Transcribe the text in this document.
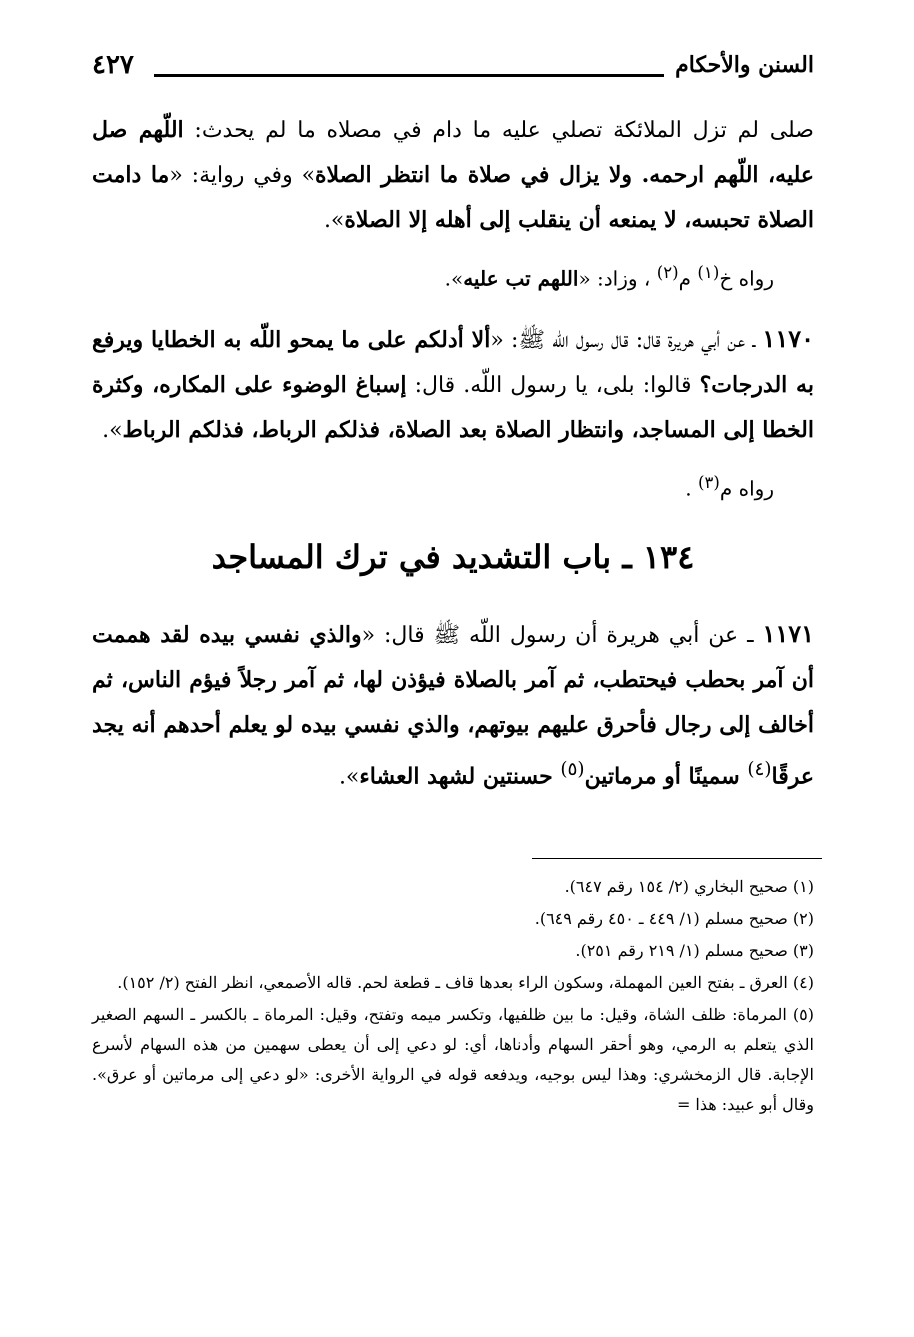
السنن والأحكام
٤٢٧

صلى لم تزل الملائكة تصلي عليه ما دام في مصلاه ما لم يحدث: اللّهم صل عليه، اللّهم ارحمه. ولا يزال في صلاة ما انتظر الصلاة» وفي رواية: «ما دامت الصلاة تحبسه، لا يمنعه أن ينقلب إلى أهله إلا الصلاة».

رواه خ$^{(١)}$ م$^{(٢)}$ ، وزاد: «اللهم تب عليه».

١١٧٠ ـ عن أبي هريرة قال: قال رسول اللّه ﷺ: «ألا أدلكم على ما يمحو اللّه به الخطايا ويرفع به الدرجات؟ قالوا: بلى، يا رسول اللّه. قال: إسباغ الوضوء على المكاره، وكثرة الخطا إلى المساجد، وانتظار الصلاة بعد الصلاة، فذلكم الرباط، فذلكم الرباط».

رواه م$^{(٣)}$ .
١٣٤ ـ باب التشديد في ترك المساجد

١١٧١ ـ عن أبي هريرة أن رسول اللّه ﷺ قال: «والذي نفسي بيده لقد هممت أن آمر بحطب فيحتطب، ثم آمر بالصلاة فيؤذن لها، ثم آمر رجلاً فيؤم الناس، ثم أخالف إلى رجال فأحرق عليهم بيوتهم، والذي نفسي بيده لو يعلم أحدهم أنه يجد عرقًا$^{(٤)}$ سمينًا أو مرماتين$^{(٥)}$ حسنتين لشهد العشاء».

(١) صحيح البخاري (٢/ ١٥٤ رقم ٦٤٧).
(٢) صحيح مسلم (١/ ٤٤٩ ـ ٤٥٠ رقم ٦٤٩).
(٣) صحيح مسلم (١/ ٢١٩ رقم ٢٥١).
(٤) العرق ـ بفتح العين المهملة، وسكون الراء بعدها قاف ـ قطعة لحم. قاله الأصمعي، انظر الفتح (٢/ ١٥٢).
(٥) المرماة: ظلف الشاة، وقيل: ما بين ظلفيها، وتكسر ميمه وتفتح، وقيل: المرماة ـ بالكسر ـ السهم الصغير الذي يتعلم به الرمي، وهو أحقر السهام وأدناها، أي: لو دعي إلى أن يعطى سهمين من هذه السهام لأسرع الإجابة. قال الزمخشري: وهذا ليس بوجيه، ويدفعه قوله في الرواية الأخرى: «لو دعي إلى مرماتين أو عرق». وقال أبو عبيد: هذا =
